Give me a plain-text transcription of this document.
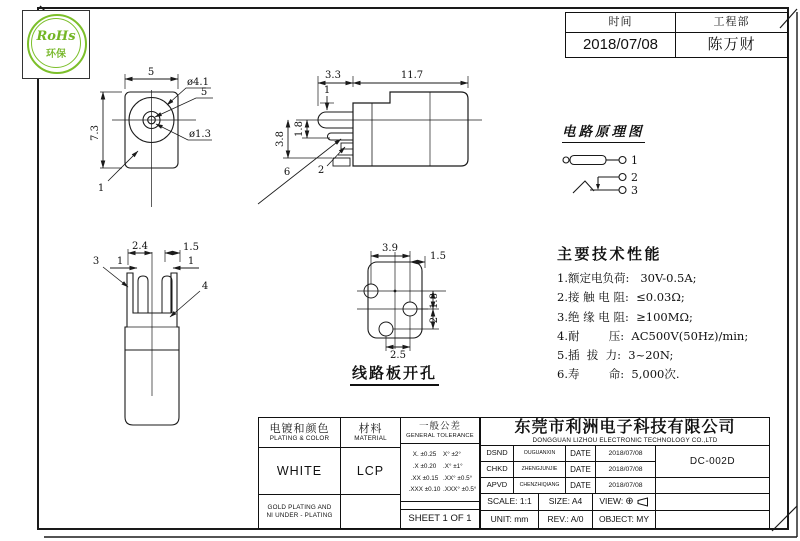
5
7.3
ø4.1
5
ø1.3
1
3.3	11.7
1
3.8
1.8
2
6
2.4	1.5
1	1
3
4
3.9
1.5
1.8
2
2.5
1
2
3
RoHs
环保
时间	工程部
2018/07/08	陈万财
电路原理图
主要技术性能
1.额定电负荷:   30V-0.5A;
2.接 触 电 阻:  ≤0.03Ω;
3.绝 缘 电 阻:  ≥100MΩ;
4.耐        压:  AC500V(50Hz)/min;
5.插  拔  力:  3~20N;
6.寿        命:  5,000次.
线路板开孔
电镀和颜色
PLATING & COLOR
材料
MATERIAL
一般公差
GENERAL TOLERANCE
WHITE	LCP
X. ±0.25 X° ±2°
.X ±0.20 .X° ±1°
.XX ±0.15 .XX° ±0.5°
.XXX ±0.10 .XXX° ±0.5°
GOLD PLATING AND
NI UNDER - PLATING	SHEET 1 OF 1
东莞市利洲电子科技有限公司
DONGGUAN LIZHOU ELECTRONIC TECHNOLOGY CO.,LTD
DSND	OUGUANXIN DATE	2018/07/08
CHKD	ZHENGJUNJIE DATE	2018/07/08
APVD CHENZHIQIANG DATE	2018/07/08
DC-002D
SCALE: 1:1 SIZE: A4 VIEW: ⊕
UNIT: mm REV.: A/0 OBJECT: MY
